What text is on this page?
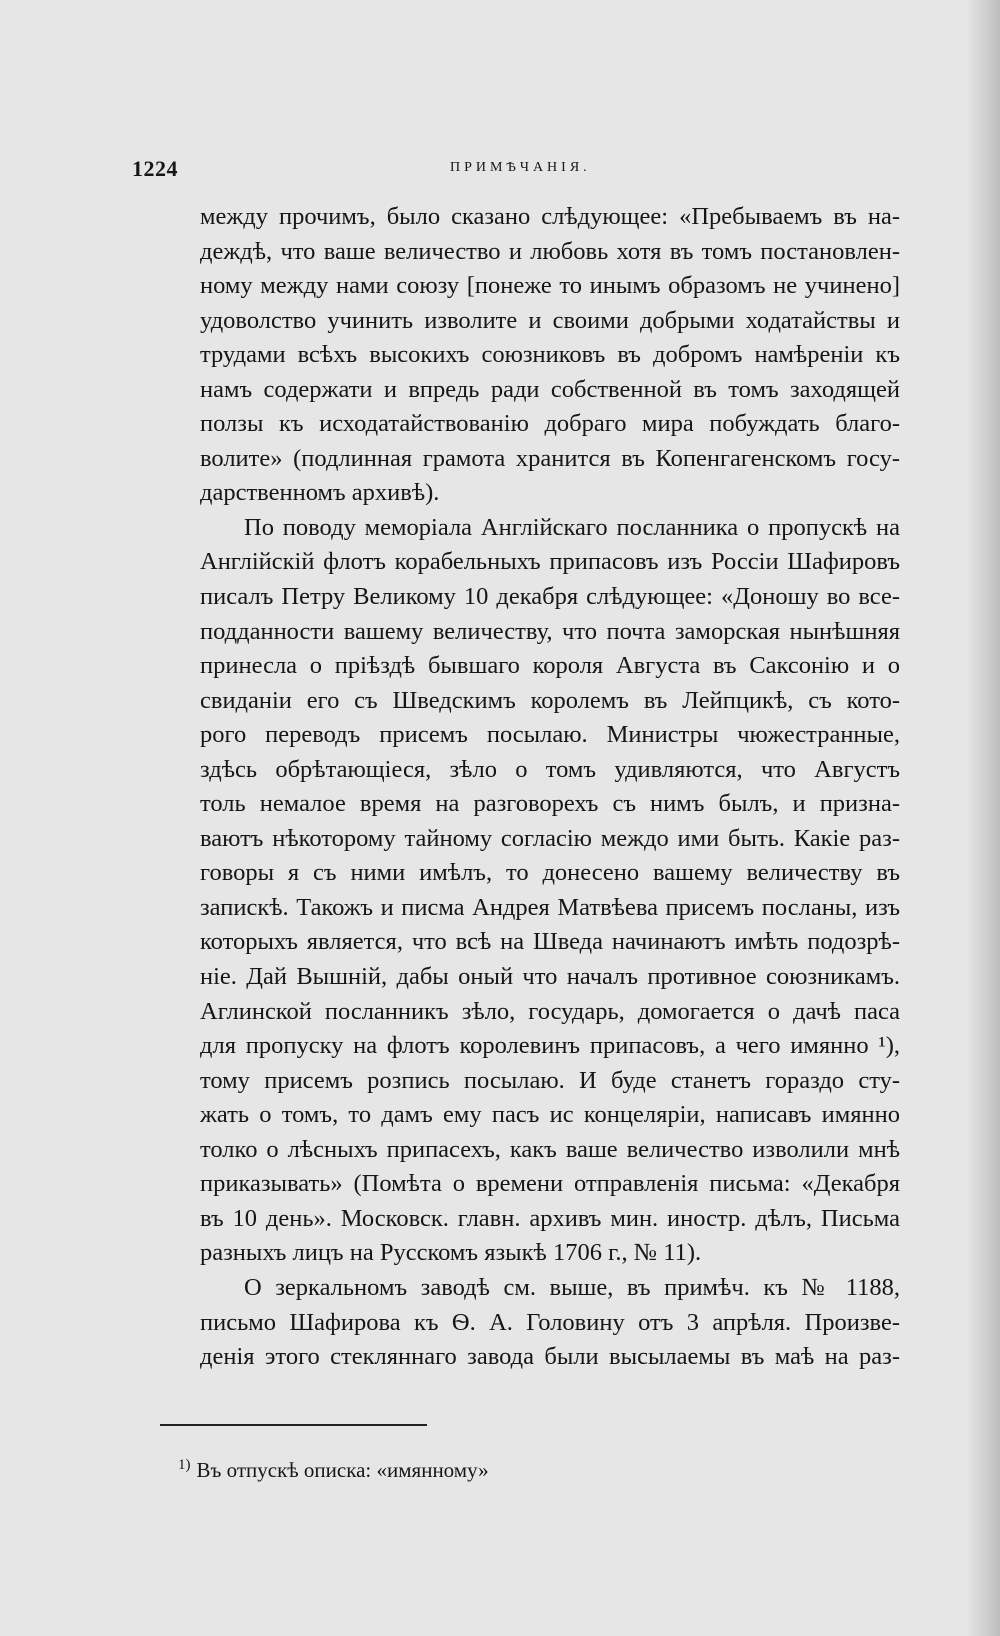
1224	ПРИМѢЧАНІЯ.
между прочимъ, было сказано слѣдующее: «Пребываемъ въ на-
деждѣ, что ваше величество и любовь хотя въ томъ постановлен-
ному между нами союзу [понеже то инымъ образомъ не учинено]
удоволство учинить изволите и своими добрыми ходатайствы и
трудами всѣхъ высокихъ союзниковъ въ добромъ намѣреніи къ
намъ содержати и впредь ради собственной въ томъ заходящей
ползы къ исходатайствованію добраго мира побуждать благо-
волите» (подлинная грамота хранится въ Копенгагенскомъ госу-
дарственномъ архивѣ).
По поводу меморіала Англійскаго посланника о пропускѣ на
Англійскій флотъ корабельныхъ припасовъ изъ Россіи Шафировъ
писалъ Петру Великому 10 декабря слѣдующее: «Доношу во все-
подданности вашему величеству, что почта заморская нынѣшняя
принесла о пріѣздѣ бывшаго короля Августа въ Саксонію и о
свиданіи его съ Шведскимъ королемъ въ Лейпцикѣ, съ кото-
рого переводъ присемъ посылаю. Министры чюжестранные,
здѣсь обрѣтающіеся, зѣло о томъ удивляются, что Августъ
толь немалое время на разговорехъ съ нимъ былъ, и призна-
ваютъ нѣкоторому тайному согласію междо ими быть. Какіе раз-
говоры я съ ними имѣлъ, то донесено вашему величеству въ
запискѣ. Такожъ и писма Андрея Матвѣева присемъ посланы, изъ
которыхъ является, что всѣ на Шведа начинаютъ имѣть подозрѣ-
ніе. Дай Вышній, дабы оный что началъ противное союзникамъ.
Аглинской посланникъ зѣло, государь, домогается о дачѣ паса
для пропуску на флотъ королевинъ припасовъ, а чего имянно ¹),
тому присемъ розпись посылаю. И буде станетъ гораздо сту-
жать о томъ, то дамъ ему пасъ ис концеляріи, написавъ имянно
толко о лѣсныхъ припасехъ, какъ ваше величество изволили мнѣ
приказывать» (Помѣта о времени отправленія письма: «Декабря
въ 10 день». Московск. главн. архивъ мин. иностр. дѣлъ, Письма
разныхъ лицъ на Русскомъ языкѣ 1706 г., № 11).
О зеркальномъ заводѣ см. выше, въ примѣч. къ № 1188,
письмо Шафирова къ Ѳ. А. Головину отъ 3 апрѣля. Произве-
денія этого стекляннаго завода были высылаемы въ маѣ на раз-
$^{1)}$ Въ отпускѣ описка: «имянному»
